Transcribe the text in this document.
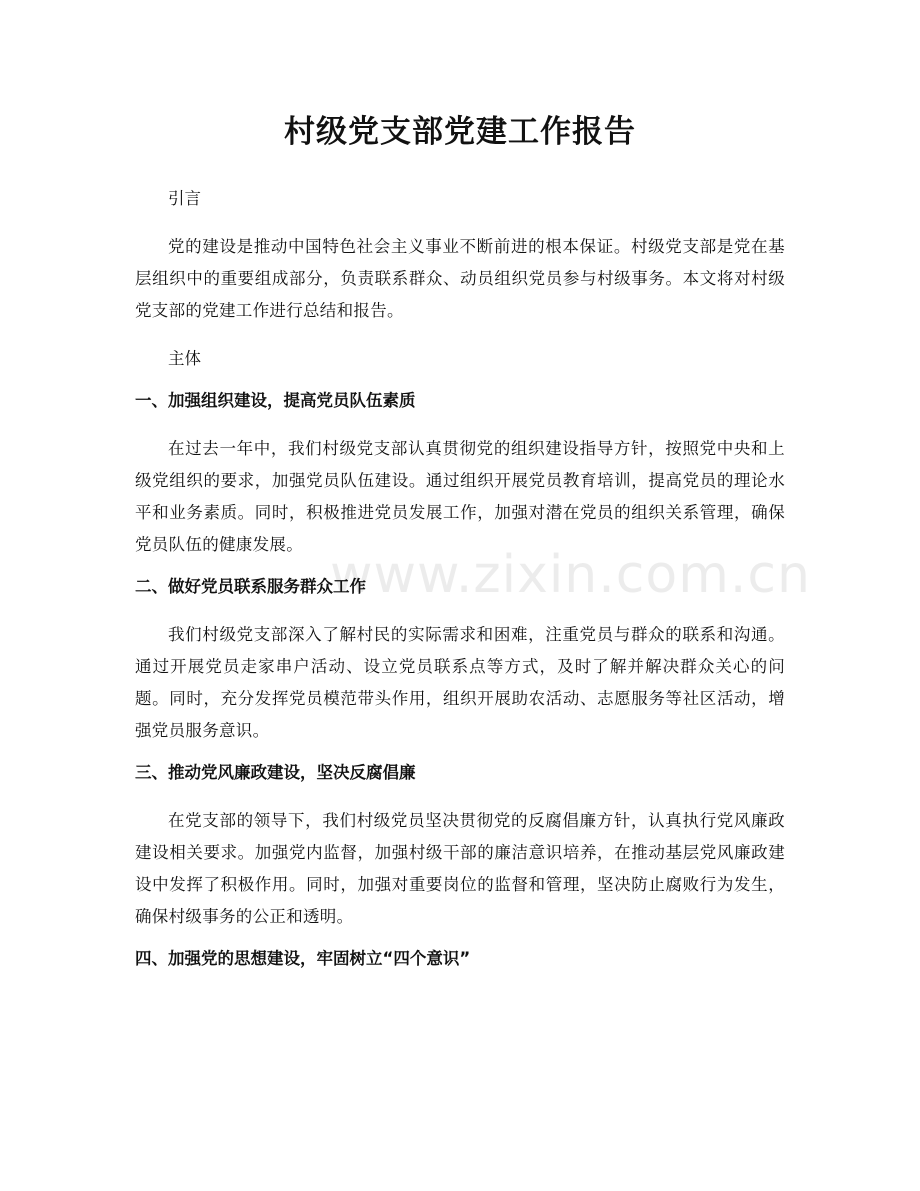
村级党支部党建工作报告
www.zixin.com.cn

引言

党的建设是推动中国特色社会主义事业不断前进的根本保证。村级党支部是党在基层组织中的重要组成部分，负责联系群众、动员组织党员参与村级事务。本文将对村级党支部的党建工作进行总结和报告。

主体

一、加强组织建设，提高党员队伍素质

在过去一年中，我们村级党支部认真贯彻党的组织建设指导方针，按照党中央和上级党组织的要求，加强党员队伍建设。通过组织开展党员教育培训，提高党员的理论水平和业务素质。同时，积极推进党员发展工作，加强对潜在党员的组织关系管理，确保党员队伍的健康发展。

二、做好党员联系服务群众工作

我们村级党支部深入了解村民的实际需求和困难，注重党员与群众的联系和沟通。通过开展党员走家串户活动、设立党员联系点等方式，及时了解并解决群众关心的问题。同时，充分发挥党员模范带头作用，组织开展助农活动、志愿服务等社区活动，增强党员服务意识。

三、推动党风廉政建设，坚决反腐倡廉

在党支部的领导下，我们村级党员坚决贯彻党的反腐倡廉方针，认真执行党风廉政建设相关要求。加强党内监督，加强村级干部的廉洁意识培养，在推动基层党风廉政建设中发挥了积极作用。同时，加强对重要岗位的监督和管理，坚决防止腐败行为发生，确保村级事务的公正和透明。

四、加强党的思想建设，牢固树立“四个意识”
